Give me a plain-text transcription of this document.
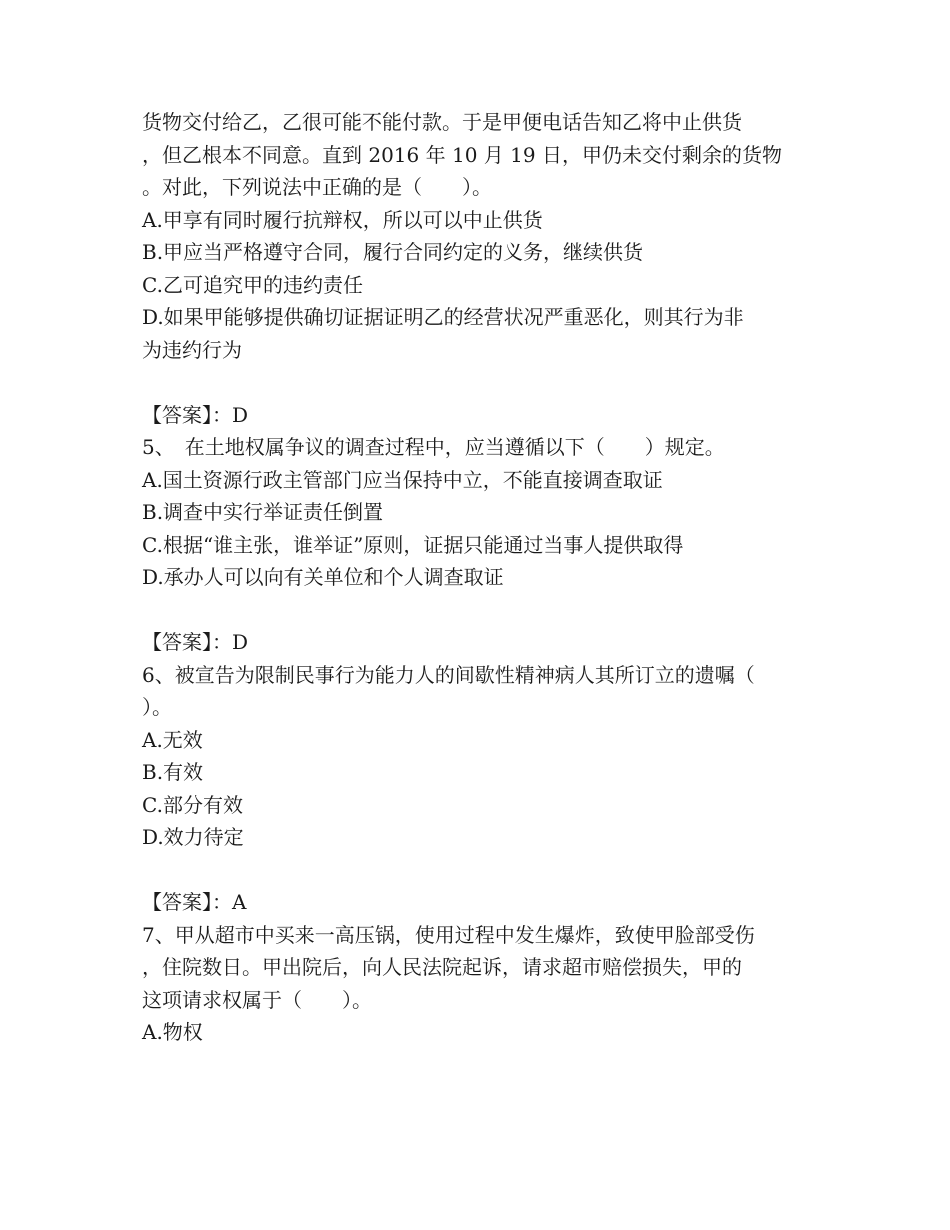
货物交付给乙，乙很可能不能付款。于是甲便电话告知乙将中止供货
，但乙根本不同意。直到 2016 年 10 月 19 日，甲仍未交付剩余的货物
。对此，下列说法中正确的是（　　）。
A.甲享有同时履行抗辩权，所以可以中止供货
B.甲应当严格遵守合同，履行合同约定的义务，继续供货
C.乙可追究甲的违约责任
D.如果甲能够提供确切证据证明乙的经营状况严重恶化，则其行为非
为违约行为
【答案】：D
5、　在土地权属争议的调查过程中，应当遵循以下（　　）规定。
A.国土资源行政主管部门应当保持中立，不能直接调查取证
B.调查中实行举证责任倒置
C.根据“谁主张，谁举证”原则，证据只能通过当事人提供取得
D.承办人可以向有关单位和个人调查取证
【答案】：D
6、被宣告为限制民事行为能力人的间歇性精神病人其所订立的遗嘱（
）。
A.无效
B.有效
C.部分有效
D.效力待定
【答案】：A
7、甲从超市中买来一高压锅，使用过程中发生爆炸，致使甲脸部受伤
，住院数日。甲出院后，向人民法院起诉，请求超市赔偿损失，甲的
这项请求权属于（　　）。
A.物权
